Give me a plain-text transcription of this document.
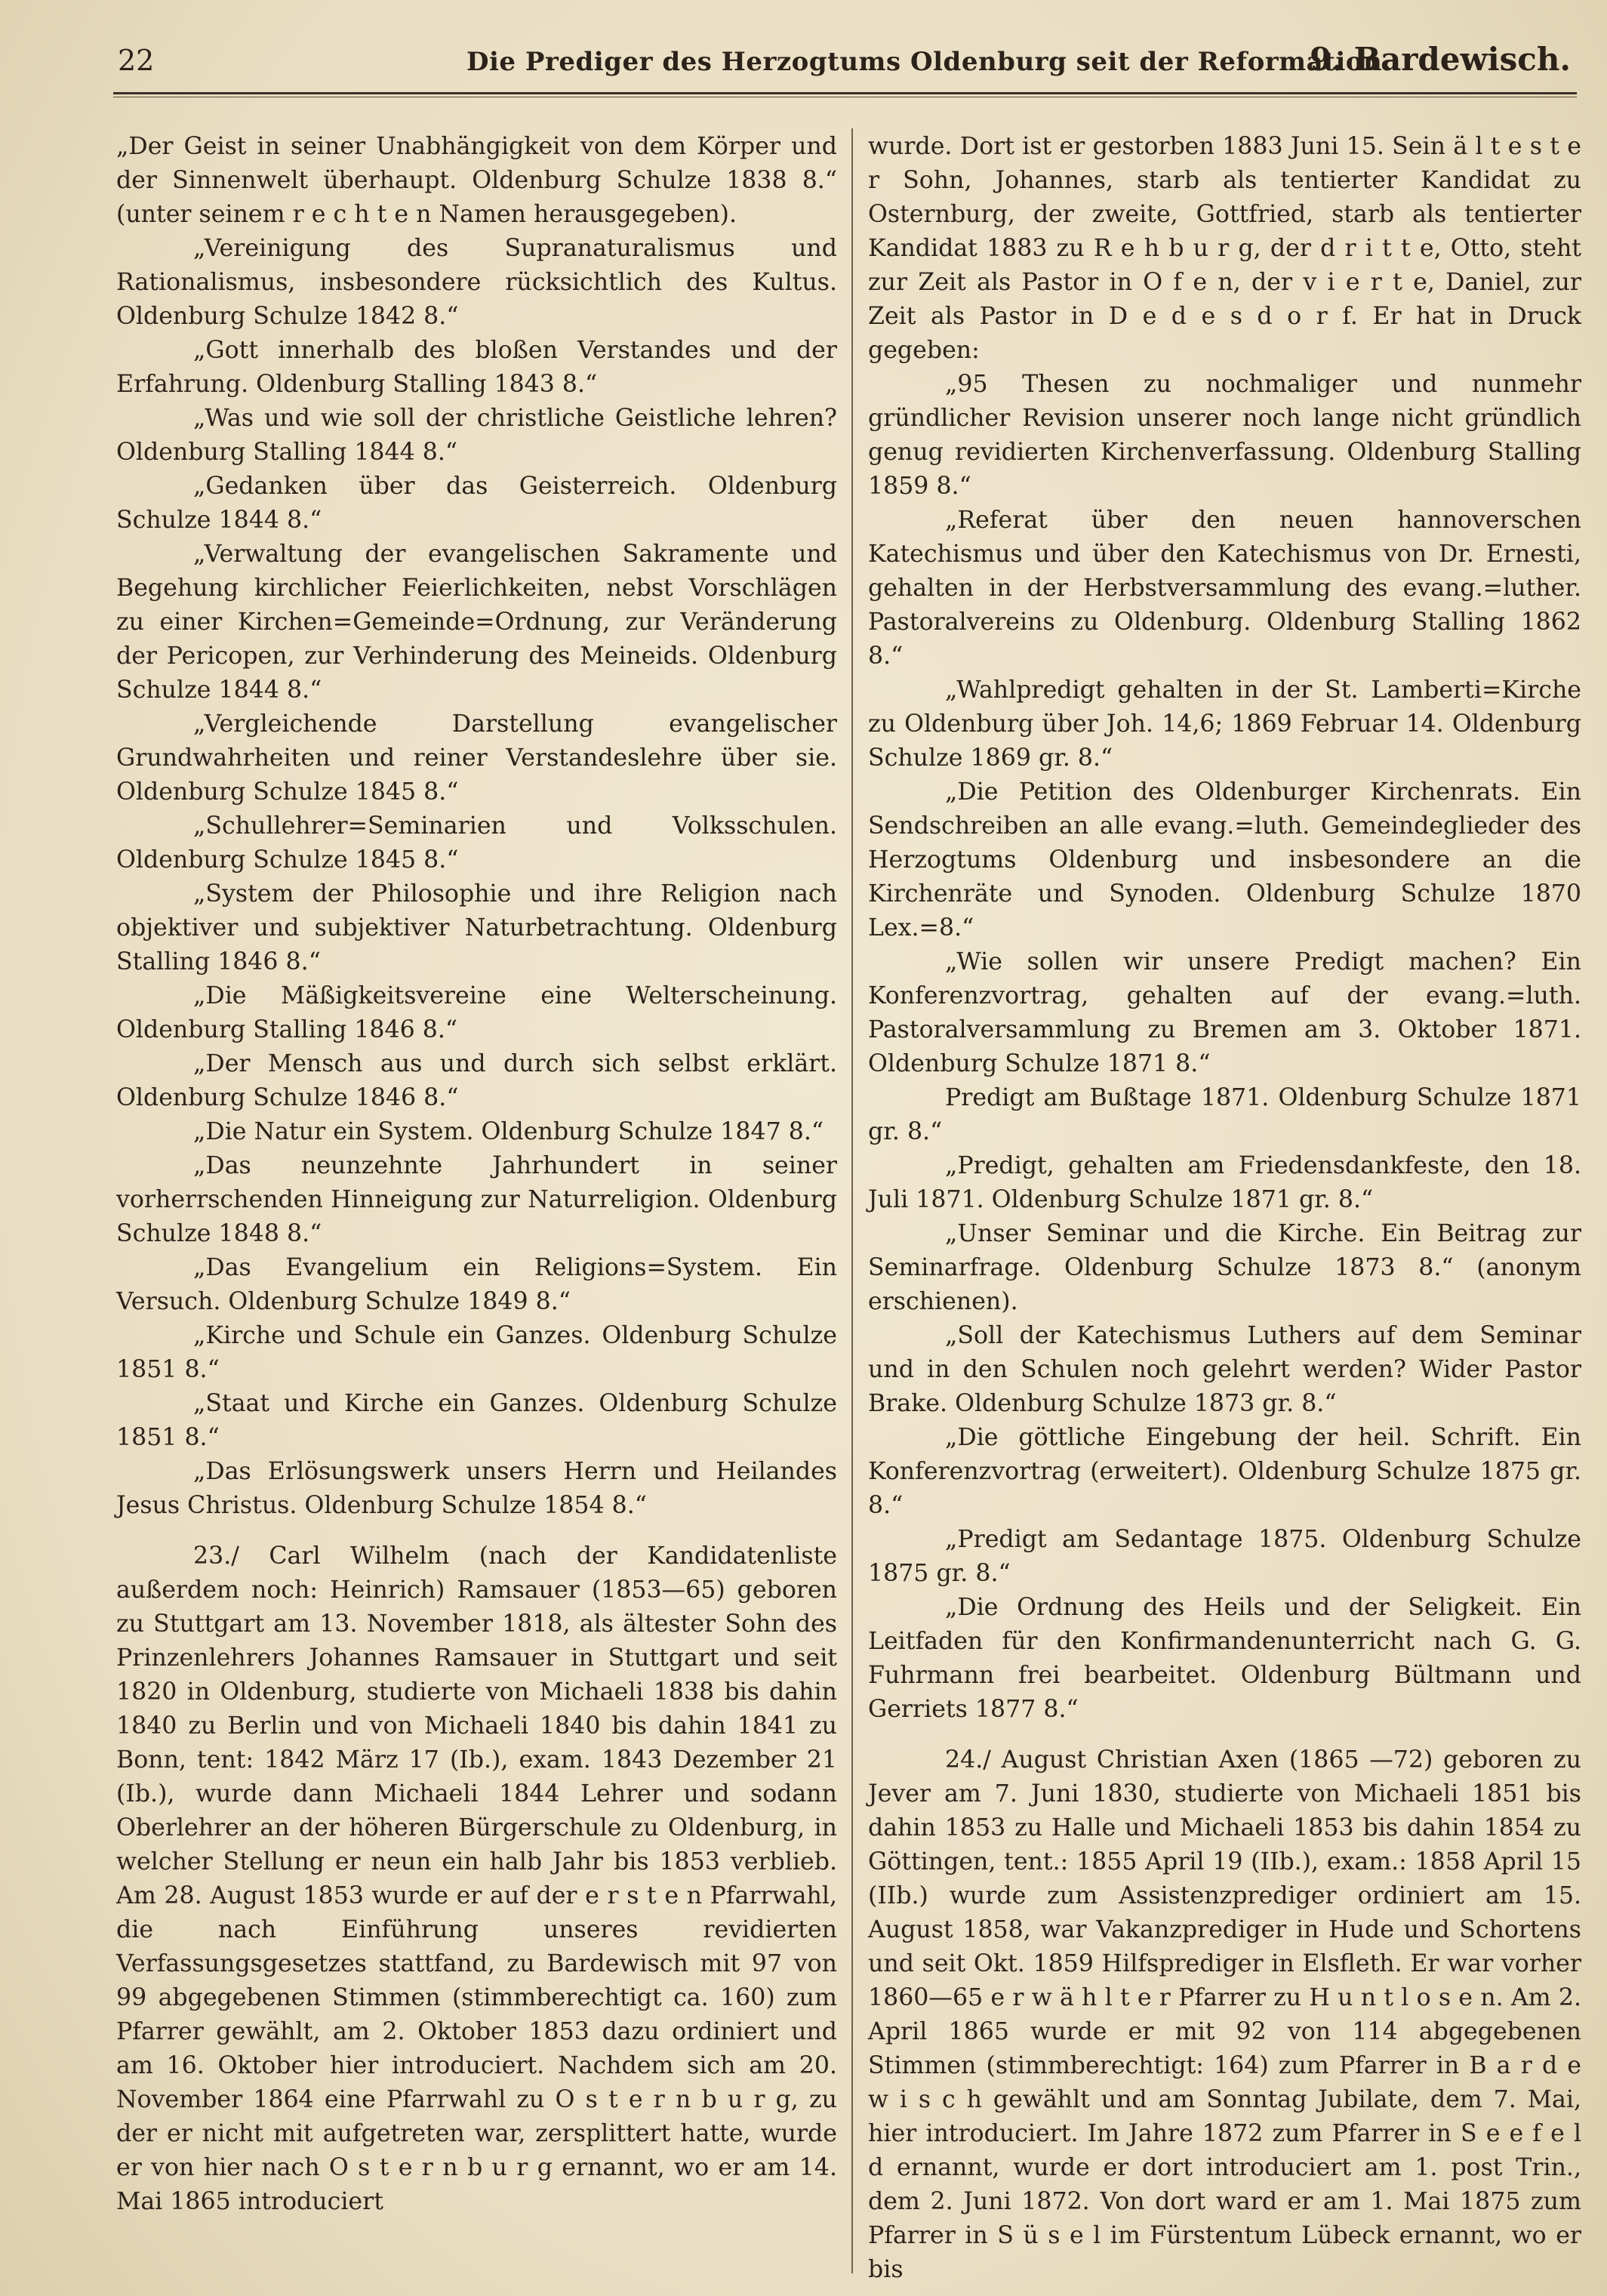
22	Die Prediger des Herzogtums Oldenburg seit der Reformation.
9. Bardewisch.

„Der Geist in seiner Unabhängigkeit von dem Körper und der Sinnenwelt überhaupt. Oldenburg Schulze 1838 8.“ (unter seinem r e c h t e n Namen herausgegeben).

„Vereinigung des Supranaturalismus und Rationalismus, insbesondere rücksichtlich des Kultus. Oldenburg Schulze 1842 8.“

„Gott innerhalb des bloßen Verstandes und der Erfahrung. Oldenburg Stalling 1843 8.“

„Was und wie soll der christliche Geistliche lehren? Oldenburg Stalling 1844 8.“

„Gedanken über das Geisterreich. Oldenburg Schulze 1844 8.“

„Verwaltung der evangelischen Sakramente und Begehung kirchlicher Feierlichkeiten, nebst Vorschlägen zu einer Kirchen=Gemeinde=Ordnung, zur Veränderung der Pericopen, zur Verhinderung des Meineids. Oldenburg Schulze 1844 8.“

„Vergleichende Darstellung evangelischer Grundwahrheiten und reiner Verstandeslehre über sie. Oldenburg Schulze 1845 8.“

„Schullehrer=Seminarien und Volksschulen. Oldenburg Schulze 1845 8.“

„System der Philosophie und ihre Religion nach objektiver und subjektiver Naturbetrachtung. Oldenburg Stalling 1846 8.“

„Die Mäßigkeitsvereine eine Welterscheinung. Oldenburg Stalling 1846 8.“

„Der Mensch aus und durch sich selbst erklärt. Oldenburg Schulze 1846 8.“

„Die Natur ein System. Oldenburg Schulze 1847 8.“

„Das neunzehnte Jahrhundert in seiner vorherrschenden Hinneigung zur Naturreligion. Oldenburg Schulze 1848 8.“

„Das Evangelium ein Religions=System. Ein Versuch. Oldenburg Schulze 1849 8.“

„Kirche und Schule ein Ganzes. Oldenburg Schulze 1851 8.“

„Staat und Kirche ein Ganzes. Oldenburg Schulze 1851 8.“

„Das Erlösungswerk unsers Herrn und Heilandes Jesus Christus. Oldenburg Schulze 1854 8.“

23./ Carl Wilhelm (nach der Kandidatenliste außerdem noch: Heinrich) Ramsauer (1853—65) geboren zu Stuttgart am 13. November 1818, als ältester Sohn des Prinzenlehrers Johannes Ramsauer in Stuttgart und seit 1820 in Oldenburg, studierte von Michaeli 1838 bis dahin 1840 zu Berlin und von Michaeli 1840 bis dahin 1841 zu Bonn, tent: 1842 März 17 (Ib.), exam. 1843 Dezember 21 (Ib.), wurde dann Michaeli 1844 Lehrer und sodann Oberlehrer an der höheren Bürgerschule zu Oldenburg, in welcher Stellung er neun ein halb Jahr bis 1853 verblieb. Am 28. August 1853 wurde er auf der e r s t e n Pfarrwahl, die nach Einführung unseres revidierten Verfassungsgesetzes stattfand, zu Bardewisch mit 97 von 99 abgegebenen Stimmen (stimmberechtigt ca. 160) zum Pfarrer gewählt, am 2. Oktober 1853 dazu ordiniert und am 16. Oktober hier introduciert. Nachdem sich am 20. November 1864 eine Pfarrwahl zu O s t e r n b u r g, zu der er nicht mit aufgetreten war, zersplittert hatte, wurde er von hier nach O s t e r n b u r g ernannt, wo er am 14. Mai 1865 introduciert

wurde. Dort ist er gestorben 1883 Juni 15. Sein ä l t e s t e r Sohn, Johannes, starb als tentierter Kandidat zu Osternburg, der zweite, Gottfried, starb als tentierter Kandidat 1883 zu R e h b u r g, der d r i t t e, Otto, steht zur Zeit als Pastor in O f e n, der v i e r t e, Daniel, zur Zeit als Pastor in D e d e s d o r f. Er hat in Druck gegeben:

„95 Thesen zu nochmaliger und nunmehr gründlicher Revision unserer noch lange nicht gründlich genug revidierten Kirchenverfassung. Oldenburg Stalling 1859 8.“

„Referat über den neuen hannoverschen Katechismus und über den Katechismus von Dr. Ernesti, gehalten in der Herbstversammlung des evang.=luther. Pastoralvereins zu Oldenburg. Oldenburg Stalling 1862 8.“

„Wahlpredigt gehalten in der St. Lamberti=Kirche zu Oldenburg über Joh. 14,6; 1869 Februar 14. Oldenburg Schulze 1869 gr. 8.“

„Die Petition des Oldenburger Kirchenrats. Ein Sendschreiben an alle evang.=luth. Gemeindeglieder des Herzogtums Oldenburg und insbesondere an die Kirchenräte und Synoden. Oldenburg Schulze 1870 Lex.=8.“

„Wie sollen wir unsere Predigt machen? Ein Konferenzvortrag, gehalten auf der evang.=luth. Pastoralversammlung zu Bremen am 3. Oktober 1871. Oldenburg Schulze 1871 8.“

Predigt am Bußtage 1871. Oldenburg Schulze 1871 gr. 8.“

„Predigt, gehalten am Friedensdankfeste, den 18. Juli 1871. Oldenburg Schulze 1871 gr. 8.“

„Unser Seminar und die Kirche. Ein Beitrag zur Seminarfrage. Oldenburg Schulze 1873 8.“ (anonym erschienen).

„Soll der Katechismus Luthers auf dem Seminar und in den Schulen noch gelehrt werden? Wider Pastor Brake. Oldenburg Schulze 1873 gr. 8.“

„Die göttliche Eingebung der heil. Schrift. Ein Konferenzvortrag (erweitert). Oldenburg Schulze 1875 gr. 8.“

„Predigt am Sedantage 1875. Oldenburg Schulze 1875 gr. 8.“

„Die Ordnung des Heils und der Seligkeit. Ein Leitfaden für den Konfirmandenunterricht nach G. G. Fuhrmann frei bearbeitet. Oldenburg Bültmann und Gerriets 1877 8.“

24./ August Christian Axen (1865 —72) geboren zu Jever am 7. Juni 1830, studierte von Michaeli 1851 bis dahin 1853 zu Halle und Michaeli 1853 bis dahin 1854 zu Göttingen, tent.: 1855 April 19 (IIb.), exam.: 1858 April 15 (IIb.) wurde zum Assistenzprediger ordiniert am 15. August 1858, war Vakanzprediger in Hude und Schortens und seit Okt. 1859 Hilfsprediger in Elsfleth. Er war vorher 1860—65 e r w ä h l t e r Pfarrer zu H u n t l o s e n. Am 2. April 1865 wurde er mit 92 von 114 abgegebenen Stimmen (stimmberechtigt: 164) zum Pfarrer in B a r d e w i s c h gewählt und am Sonntag Jubilate, dem 7. Mai, hier introduciert. Im Jahre 1872 zum Pfarrer in S e e f e l d ernannt, wurde er dort introduciert am 1. post Trin., dem 2. Juni 1872. Von dort ward er am 1. Mai 1875 zum Pfarrer in S ü s e l im Fürstentum Lübeck ernannt, wo er bis
